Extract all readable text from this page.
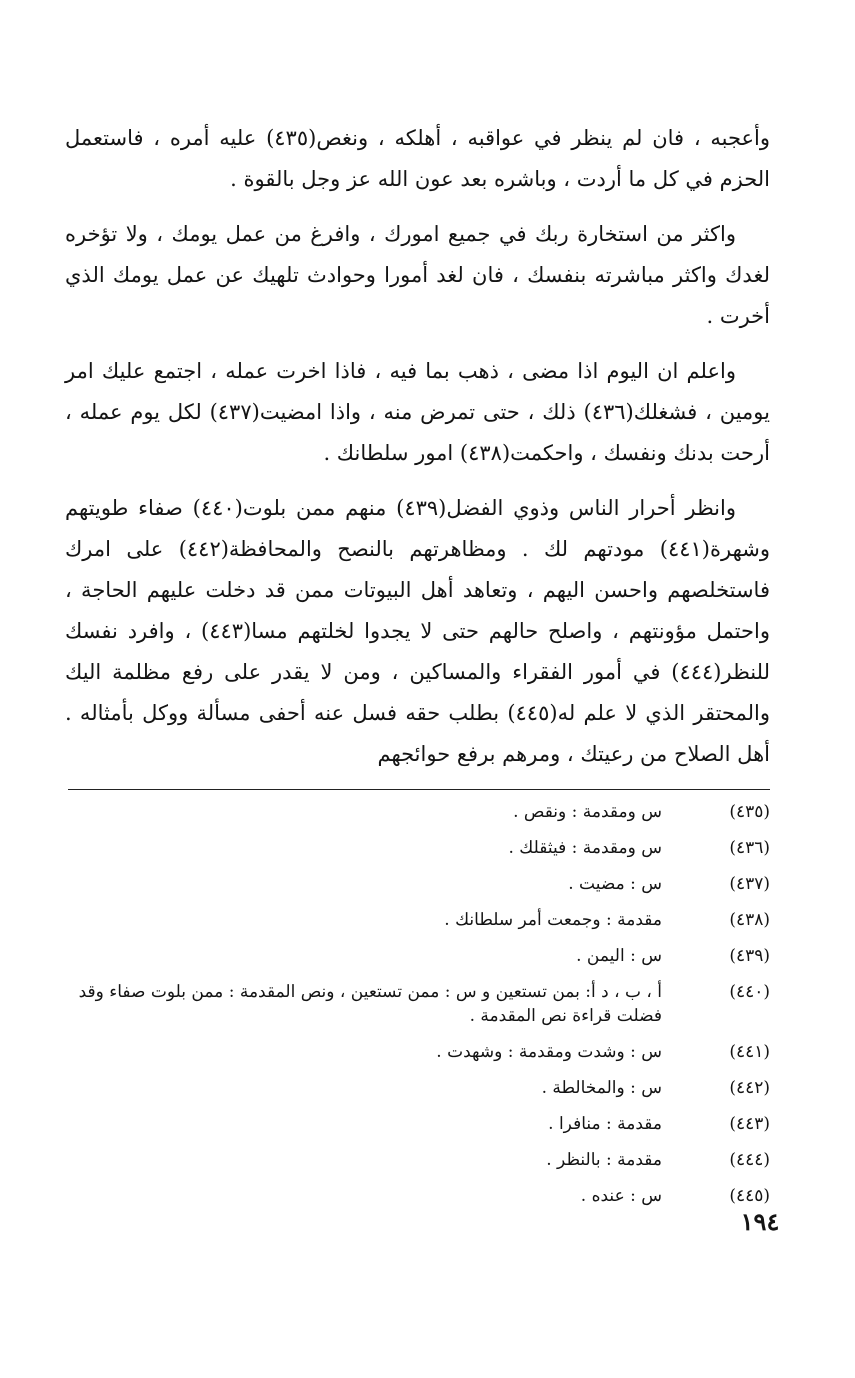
وأعجبه ، فان لم ينظر في عواقبه ، أهلكه ، ونغص(٤٣٥) عليه أمره ، فاستعمل الحزم في كل ما أردت ، وباشره بعد عون الله عز وجل بالقوة .

واكثر من استخارة ربك في جميع امورك ، وافرغ من عمل يومك ، ولا تؤخره لغدك واكثر مباشرته بنفسك ، فان لغد أمورا وحوادث تلهيك عن عمل يومك الذي أخرت .

واعلم ان اليوم اذا مضى ، ذهب بما فيه ، فاذا اخرت عمله ، اجتمع عليك امر يومين ، فشغلك(٤٣٦) ذلك ، حتى تمرض منه ، واذا امضيت(٤٣٧) لكل يوم عمله ، أرحت بدنك ونفسك ، واحكمت(٤٣٨) امور سلطانك .

وانظر أحرار الناس وذوي الفضل(٤٣٩) منهم ممن بلوت(٤٤٠) صفاء طويتهم وشهرة(٤٤١) مودتهم لك . ومظاهرتهم بالنصح والمحافظة(٤٤٢) على امرك فاستخلصهم واحسن اليهم ، وتعاهد أهل البيوتات ممن قد دخلت عليهم الحاجة ، واحتمل مؤونتهم ، واصلح حالهم حتى لا يجدوا لخلتهم مسا(٤٤٣) ، وافرد نفسك للنظر(٤٤٤) في أمور الفقراء والمساكين ، ومن لا يقدر على رفع مظلمة اليك والمحتقر الذي لا علم له(٤٤٥) بطلب حقه فسل عنه أحفى مسألة ووكل بأمثاله . أهل الصلاح من رعيتك ، ومرهم برفع حوائجهم

(٤٣٥)
س ومقدمة : ونقص .
(٤٣٦)
س ومقدمة : فيثقلك .
(٤٣٧)
س : مضيت .
(٤٣٨)
مقدمة : وجمعت أمر سلطانك .
(٤٣٩)
س : اليمن .
(٤٤٠)
أ ، ب ، د أ: بمن تستعين و س : ممن تستعين ، ونص المقدمة : ممن بلوت صفاء وقد فضلت قراءة نص المقدمة .
(٤٤١)
س : وشدت ومقدمة : وشهدت .
(٤٤٢)
س : والمخالطة .
(٤٤٣)
مقدمة : منافرا .
(٤٤٤)
مقدمة : بالنظر .
(٤٤٥)
س : عنده .
١٩٤
